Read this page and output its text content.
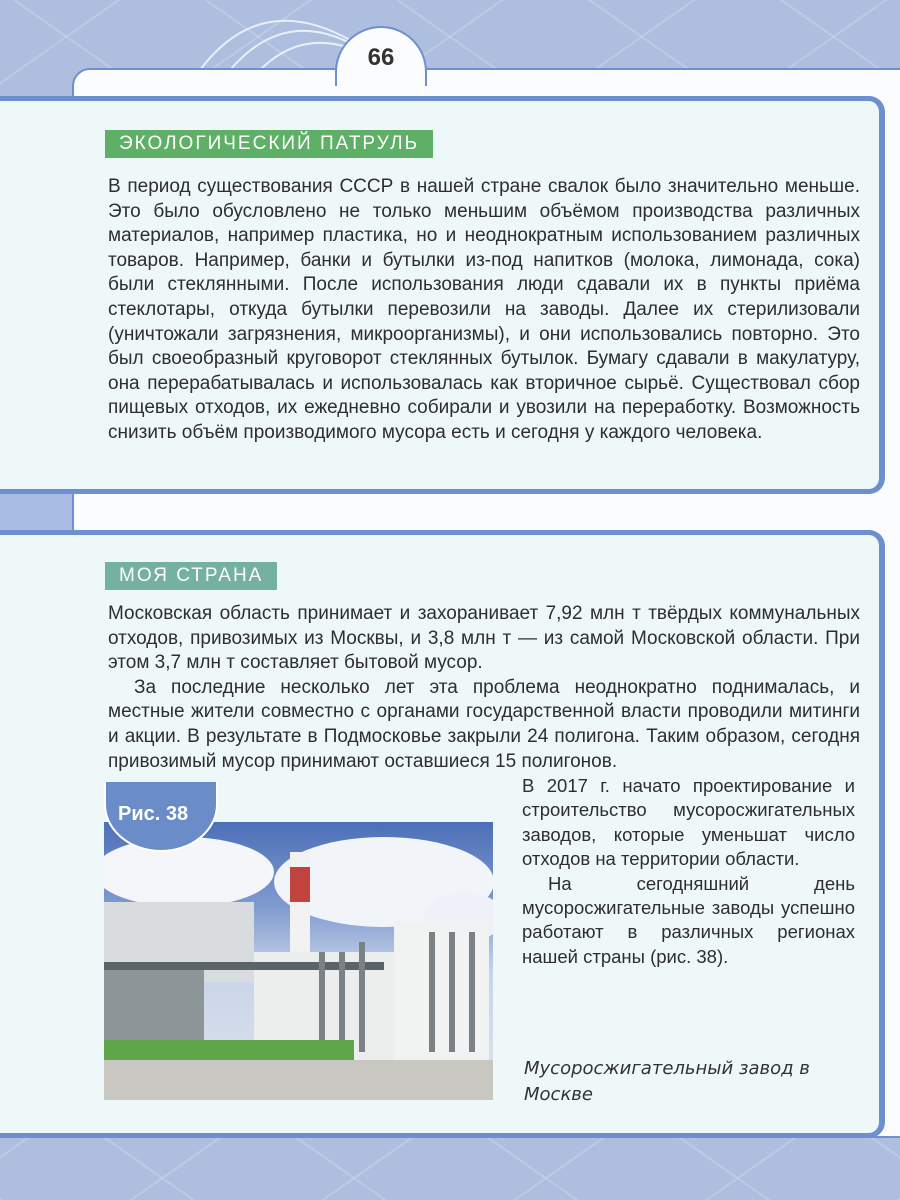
66
ЭКОЛОГИЧЕСКИЙ ПАТРУЛЬ

В период существования СССР в нашей стране свалок было значительно меньше. Это было обусловлено не только меньшим объёмом производства различных материалов, например пластика, но и неоднократным использованием различных товаров. Например, банки и бутылки из-под напитков (молока, лимонада, сока) были стеклянными. После использования люди сдавали их в пункты приёма стеклотары, откуда бутылки перевозили на заводы. Далее их стерилизовали (уничтожали загрязнения, микроорганизмы), и они использовались повторно. Это был своеобразный круговорот стеклянных бутылок. Бумагу сдавали в макулатуру, она перерабатывалась и использовалась как вторичное сырьё. Существовал сбор пищевых отходов, их ежедневно собирали и увозили на переработку. Возможность снизить объём производимого мусора есть и сегодня у каждого человека.

МОЯ СТРАНА

Московская область принимает и захоранивает 7,92 млн т твёрдых коммунальных отходов, привозимых из Москвы, и 3,8 млн т — из самой Московской области. При этом 3,7 млн т составляет бытовой мусор.

За последние несколько лет эта проблема неоднократно поднималась, и местные жители совместно с органами государственной власти проводили митинги и акции. В результате в Подмосковье закрыли 24 полигона. Таким образом, сегодня привозимый мусор принимают оставшиеся 15 полигонов.

Рис. 38

В 2017 г. начато проектирование и строительство мусоросжигательных заводов, которые уменьшат число отходов на территории области.

На сегодняшний день мусоросжигательные заводы успешно работают в различных регионах нашей страны (рис. 38).

Мусоросжигательный завод в Москве
